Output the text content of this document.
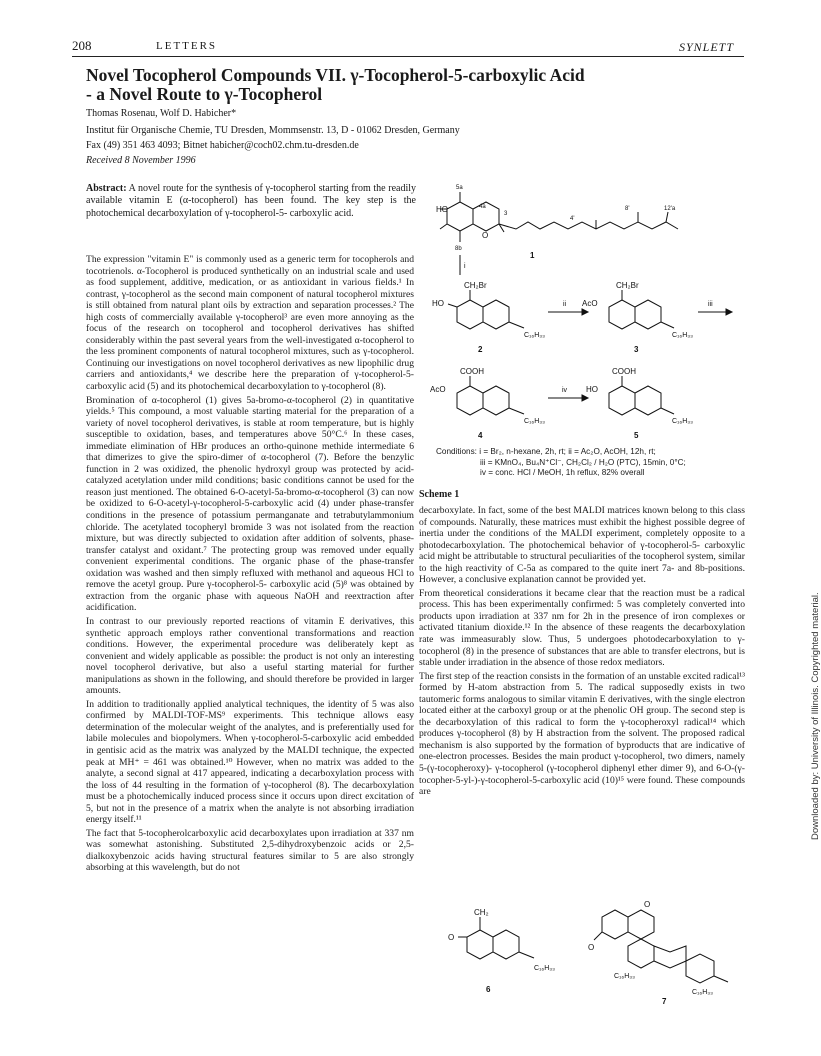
208	LETTERS	SYNLETT
Novel Tocopherol Compounds VII. γ-Tocopherol-5-carboxylic Acid
- a Novel Route to γ-Tocopherol
Thomas Rosenau, Wolf D. Habicher*
Institut für Organische Chemie, TU Dresden, Mommsenstr. 13, D - 01062 Dresden, Germany
Fax (49) 351 463 4093; Bitnet habicher@coch02.chm.tu-dresden.de
Received 8 November 1996
Abstract: A novel route for the synthesis of γ-tocopherol starting from the readily available vitamin E (α-tocopherol) has been found. The key step is the photochemical decarboxylation of γ-tocopherol-5- carboxylic acid.

The expression "vitamin E" is commonly used as a generic term for tocopherols and tocotrienols. α-Tocopherol is produced synthetically on an industrial scale and used as food supplement, additive, medication, or as antioxidant in various fields.¹ In contrast, γ-tocopherol as the second main component of natural tocopherol mixtures is still obtained from natural plant oils by extraction and separation processes.² The high costs of commercially available γ-tocopherol³ are even more annoying as the focus of the research on tocopherol and tocopherol derivatives has shifted considerably within the past several years from the well-investigated α-tocopherol to the less prominent components of natural tocopherol mixtures, such as γ-tocopherol. Continuing our investigations on novel tocopherol derivatives as new lipophilic drug carriers and antioxidants,⁴ we describe here the preparation of γ-tocopherol-5-carboxylic acid (5) and its photochemical decarboxylation to γ-tocopherol (8).

Bromination of α-tocopherol (1) gives 5a-bromo-α-tocopherol (2) in quantitative yields.⁵ This compound, a most valuable starting material for the preparation of a variety of novel tocopherol derivatives, is stable at room temperature, but is highly susceptible to oxidation, bases, and temperatures above 50°C.⁶ In these cases, immediate elimination of HBr produces an ortho-quinone methide intermediate 6 that dimerizes to give the spiro-dimer of α-tocopherol (7). Before the benzylic function in 2 was oxidized, the phenolic hydroxyl group was protected by acid-catalyzed acetylation under mild conditions; basic conditions cannot be used for the reason just mentioned. The obtained 6-O-acetyl-5a-bromo-α-tocopherol (3) can now be oxidized to 6-O-acetyl-γ-tocopherol-5-carboxylic acid (4) under phase-transfer conditions in the presence of potassium permanganate and tetrabutylammonium chloride. The acetylated tocopheryl bromide 3 was not isolated from the reaction mixture, but was directly subjected to oxidation after addition of solvents, phase-transfer catalyst and oxidant.⁷ The protecting group was removed under equally convenient experimental conditions. The organic phase of the phase-transfer oxidation was washed and then simply refluxed with methanol and aqueous HCl to remove the acetyl group. Pure γ-tocopherol-5- carboxylic acid (5)⁸ was obtained by extraction from the organic phase with aqueous NaOH and reextraction after acidification.

In contrast to our previously reported reactions of vitamin E derivatives, this synthetic approach employs rather conventional transformations and reaction conditions. However, the experimental procedure was deliberately kept as convenient and widely applicable as possible: the product is not only an interesting novel tocopherol derivative, but also a useful starting material for further manipulations as shown in the following, and should therefore be provided in larger amounts.

In addition to traditionally applied analytical techniques, the identity of 5 was also confirmed by MALDI-TOF-MS⁹ experiments. This technique allows easy determination of the molecular weight of the analytes, and is preferentially used for labile molecules and biopolymers. When γ-tocopherol-5-carboxylic acid embedded in gentisic acid as the matrix was analyzed by the MALDI technique, the expected peak at MH⁺ = 461 was obtained.¹⁰ However, when no matrix was added to the analyte, a second signal at 417 appeared, indicating a decarboxylation process with the loss of 44 resulting in the formation of γ-tocopherol (8). The decarboxylation must be a photochemically induced process since it occurs upon direct excitation of 5, but not in the presence of a matrix when the analyte is not absorbing irradiation energy itself.¹¹

The fact that 5-tocopherolcarboxylic acid decarboxylates upon irradiation at 337 nm was somewhat astonishing. Substituted 2,5-dihydroxybenzoic acids or 2,5-dialkoxybenzoic acids having structural features similar to 5 are also strongly absorbing at this wavelength, but do not

HO
5a
4a
3
O
8b
4'
8'	12'a
1
i
CH₂Br
HO
C₁₆H₃₃
2
ii
CH₂Br
AcO
C₁₆H₃₃
3
iii
COOH
AcO
C₁₆H₃₃
4
iv
COOH
HO
C₁₆H₃₃
5
Conditions: i = Br₂, n-hexane, 2h, rt; ii = Ac₂O, AcOH, 12h, rt;
iii = KMnO₄, Bu₄N⁺Cl⁻, CH₂Cl₂ / H₂O (PTC), 15min, 0°C;
iv = conc. HCl / MeOH, 1h reflux, 82% overall
Scheme 1

decarboxylate. In fact, some of the best MALDI matrices known belong to this class of compounds. Naturally, these matrices must exhibit the highest possible degree of inertia under the conditions of the MALDI experiment, completely opposite to a photodecarboxylation. The photochemical behavior of γ-tocopherol-5- carboxylic acid might be attributable to structural peculiarities of the tocopherol system, similar to the high reactivity of C-5a as compared to the quite inert 7a- and 8b-positions. However, a conclusive explanation cannot be provided yet.

From theoretical considerations it became clear that the reaction must be a radical process. This has been experimentally confirmed: 5 was completely converted into products upon irradiation at 337 nm for 2h in the presence of iron complexes or activated titanium dioxide.¹² In the absence of these reagents the decarboxylation rate was immeasurably slow. Thus, 5 undergoes photodecarboxylation to γ-tocopherol (8) in the presence of substances that are able to transfer electrons, but is stable under irradiation in the absence of those redox mediators.

The first step of the reaction consists in the formation of an unstable excited radical¹³ formed by H-atom abstraction from 5. The radical supposedly exists in two tautomeric forms analogous to similar vitamin E derivatives, with the single electron located either at the carboxyl group or at the phenolic OH group. The second step is the decarboxylation of this radical to form the γ-tocopheroxyl radical¹⁴ which produces γ-tocopherol (8) by H abstraction from the solvent. The proposed radical mechanism is also supported by the formation of byproducts that are indicative of one-electron processes. Besides the main product γ-tocopherol, two dimers, namely 5-(γ-tocopheroxy)- γ-tocopherol (γ-tocopherol diphenyl ether dimer 9), and 6-O-(γ-tocopher-5-yl-)-γ-tocopherol-5-carboxylic acid (10)¹⁵ were found. These compounds are

CH₂
O
C₁₆H₃₃
6
O
O
C₁₆H₃₃
C₁₆H₃₃
7
Downloaded by: University of Illinois. Copyrighted material.
